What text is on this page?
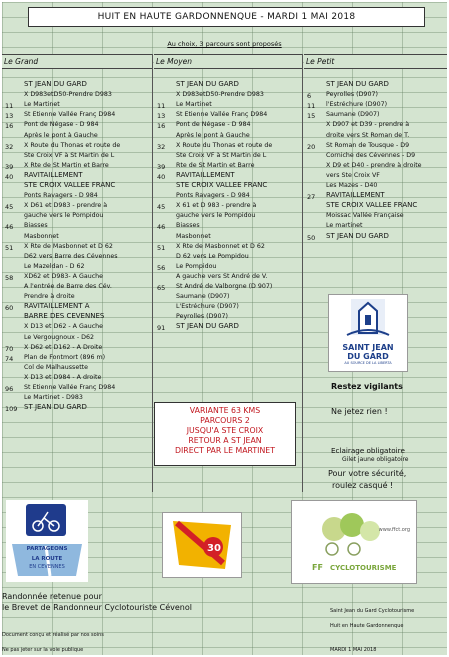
HUIT EN HAUTE GARDONNENQUE - MARDI 1 MAI 2018
Au choix, 3 parcours sont proposés
Le Grand	Le Moyen	Le Petit
ST JEAN DU GARD
X D983etD50-Prendre D983
11 Le Martinet
13 St Etienne Vallée Franç D984
16 Pont de Négase - D 984
Après le pont à Gauche
32 X Route du Thonas et route de
Ste Croix VF à St Martin de L
39 X Rte de St Martin et Barre
40 RAVITAILLEMENT
STE CROIX VALLEE FRANC
Ponts Ravagers - D 984
45 X D61 et D983 - prendre à
gauche vers le Pompidou
46 Biasses
Masbonnet
51 X Rte de Masbonnet et D 62
D62 vers Barre des Cévennes
Le Mazeldan - D 62
58 XD62 et D983- A Gauche
A l'entrée de Barre des Cév.
Prendre à droite
60 RAVITAILLEMENT A
BARRE DES CEVENNES
X D13 et D62 - A Gauche
Le Vergougnoux - D62
70 X D62 et D162 - A Droite
74 Plan de Fontmort (896 m)
Col de Malhaussette
X D13 et D984 - A droite
96 St Etienne Vallée Franç D984
Le Martinet - D983
109 ST JEAN DU GARD
ST JEAN DU GARD
X D983etD50-Prendre D983
11 Le Martinet
13 St Etienne Vallée Franç D984
16 Pont de Négase - D 984
Après le pont à Gauche
32 X Route du Thonas et route de
Ste Croix VF à St Martin de L
39 Rte de St Martin et Barre
40 RAVITAILLEMENT
STE CROIX VALLEE FRANC
Ponts Ravagers - D 984
45 X 61 et D 983 - prendre à
gauche vers le Pompidou
46 Biasses
Masbonnet
51 X Rte de Masbonnet et D 62
D 62 vers Le Pompidou
56 Le Pompidou
A gauche vers St André de V.
65 St André de Valborgne (D 907)
Saumane (D907)
L'Estréchure (D907)
Peyrolles (D907)
91 ST JEAN DU GARD
ST JEAN DU GARD
6 Peyrolles (D907)
11 l'Estréchure (D907)
15 Saumane (D907)
X D907 et D39 - prendre à
droite vers St Roman de T.
20 St Roman de Tousque - D9
Corniche des Cévennes - D9
X D9 et D40 - prendre à droite
vers Ste Croix VF
Les Mazes - D40
27 RAVITAILLEMENT
STE CROIX VALLEE FRANC
Moissac Vallée Française
Le martinet
50 ST JEAN DU GARD
VARIANTE 63 KMS
PARCOURS 2
JUSQU'A STE CROIX
RETOUR A ST JEAN
DIRECT PAR LE MARTINET
SAINT JEAN
DU GARD
AU SOURCE DE LA LIBERTA
Restez vigilants
Ne jetez rien !
Eclairage obligatoire
Gilet jaune obligatoire
Pour votre sécurité,
roulez casqué !
PARTAGEONS
LA ROUTE
EN CEVENNES
30
www.ffct.org
FF CYCLOTOURISME
Randonnée retenue pour
le Brevet de Randonneur Cyclotouriste Cévenol
Document conçu et réalisé par nos soins
Ne pas jeter sur la voie publique
Saint Jean du Gard Cyclotourisme
Huit en Haute Gardonnenque
MARDI 1 MAI 2018
